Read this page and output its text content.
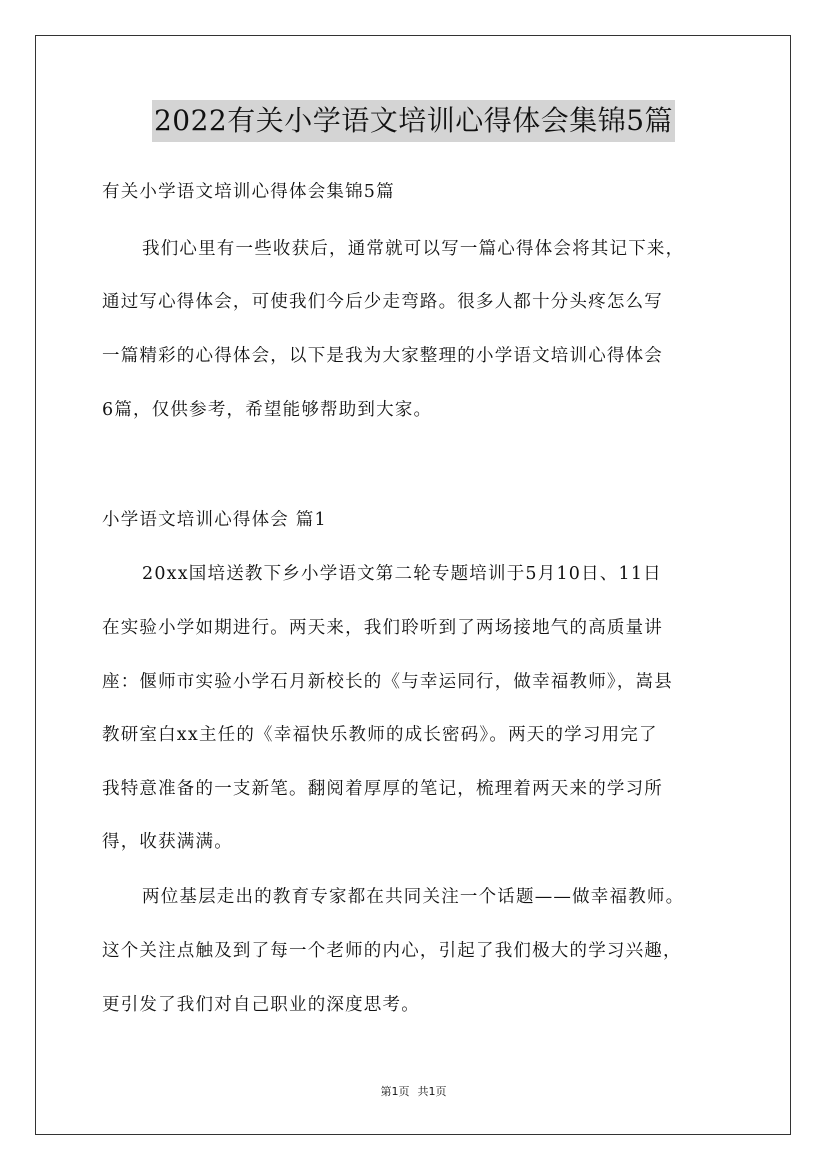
2022有关小学语文培训心得体会集锦5篇
有关小学语文培训心得体会集锦5篇
我们心里有一些收获后，通常就可以写一篇心得体会将其记下来，
通过写心得体会，可使我们今后少走弯路。很多人都十分头疼怎么写
一篇精彩的心得体会，以下是我为大家整理的小学语文培训心得体会
6篇，仅供参考，希望能够帮助到大家。
小学语文培训心得体会 篇1
20xx国培送教下乡小学语文第二轮专题培训于5月10日、11日
在实验小学如期进行。两天来，我们聆听到了两场接地气的高质量讲
座：偃师市实验小学石月新校长的《与幸运同行，做幸福教师》，嵩县
教研室白xx主任的《幸福快乐教师的成长密码》。两天的学习用完了
我特意准备的一支新笔。翻阅着厚厚的笔记，梳理着两天来的学习所
得，收获满满。
两位基层走出的教育专家都在共同关注一个话题——做幸福教师。
这个关注点触及到了每一个老师的内心，引起了我们极大的学习兴趣，
更引发了我们对自己职业的深度思考。
第1页 共1页
